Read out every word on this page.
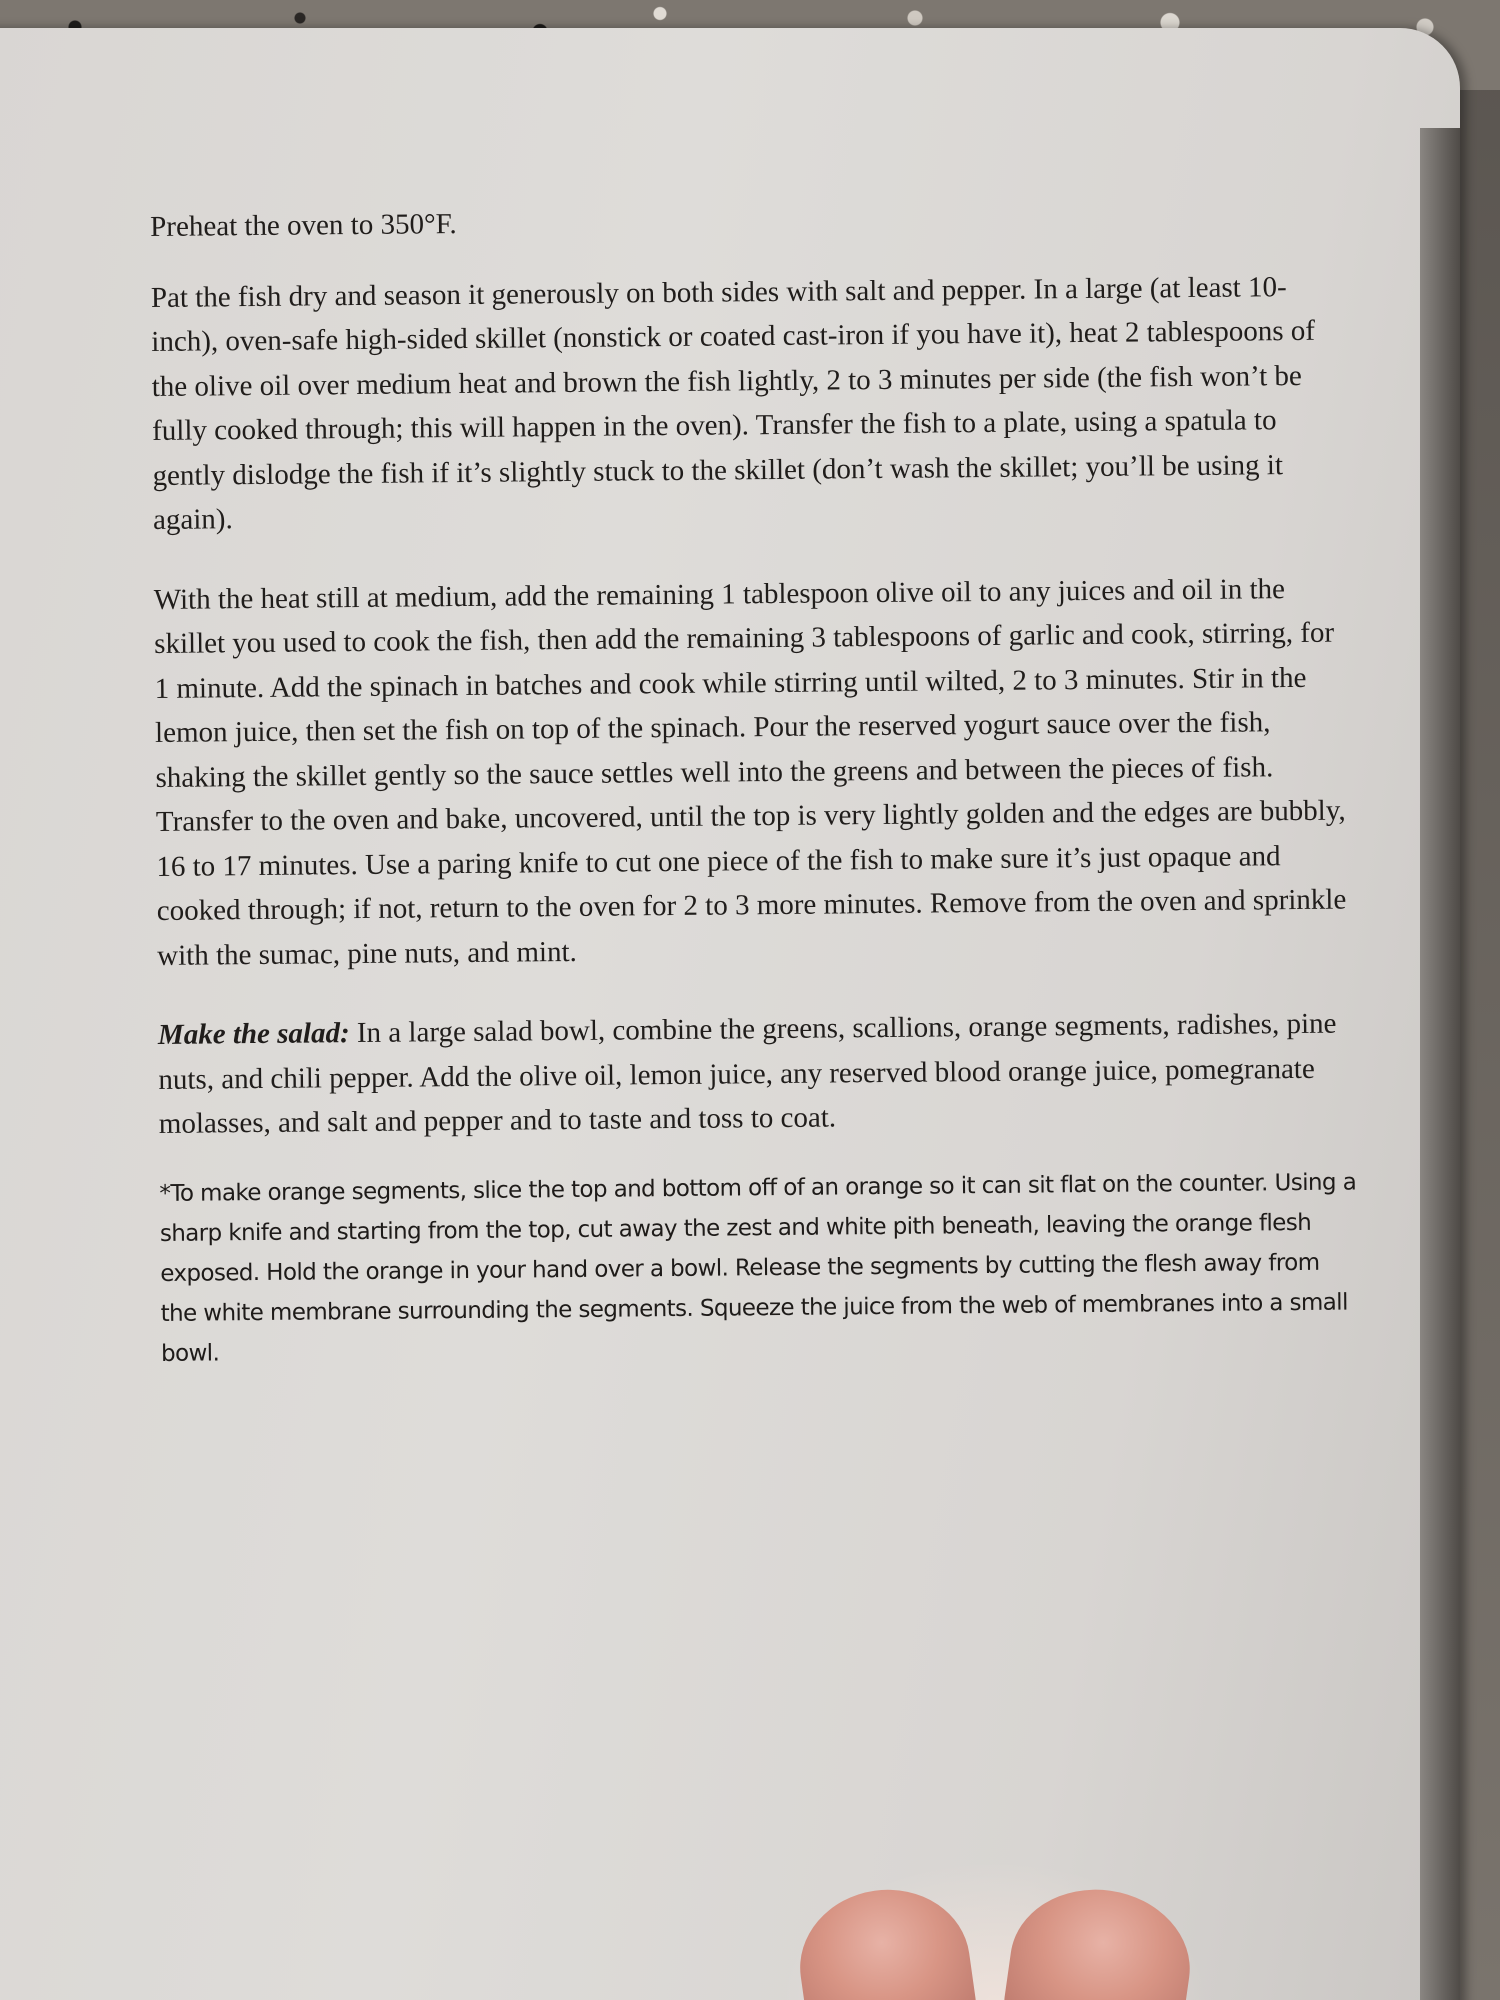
Preheat the oven to 350°F.

Pat the fish dry and season it generously on both sides with salt and pepper. In a large (at least 10-inch), oven-safe high-sided skillet (nonstick or coated cast-iron if you have it), heat 2 tablespoons of the olive oil over medium heat and brown the fish lightly, 2 to 3 minutes per side (the fish won’t be fully cooked through; this will happen in the oven). Transfer the fish to a plate, using a spatula to gently dislodge the fish if it’s slightly stuck to the skillet (don’t wash the skillet; you’ll be using it again).

With the heat still at medium, add the remaining 1 tablespoon olive oil to any juices and oil in the skillet you used to cook the fish, then add the remaining 3 tablespoons of garlic and cook, stirring, for 1 minute. Add the spinach in batches and cook while stirring until wilted, 2 to 3 minutes. Stir in the lemon juice, then set the fish on top of the spinach. Pour the reserved yogurt sauce over the fish, shaking the skillet gently so the sauce settles well into the greens and between the pieces of fish. Transfer to the oven and bake, uncovered, until the top is very lightly golden and the edges are bubbly, 16 to 17 minutes. Use a paring knife to cut one piece of the fish to make sure it’s just opaque and cooked through; if not, return to the oven for 2 to 3 more minutes. Remove from the oven and sprinkle with the sumac, pine nuts, and mint.

Make the salad: In a large salad bowl, combine the greens, scallions, orange segments, radishes, pine nuts, and chili pepper. Add the olive oil, lemon juice, any reserved blood orange juice, pomegranate molasses, and salt and pepper and to taste and toss to coat.

*To make orange segments, slice the top and bottom off of an orange so it can sit flat on the counter. Using a sharp knife and starting from the top, cut away the zest and white pith beneath, leaving the orange flesh exposed. Hold the orange in your hand over a bowl. Release the segments by cutting the flesh away from the white membrane surrounding the segments. Squeeze the juice from the web of membranes into a small bowl.
